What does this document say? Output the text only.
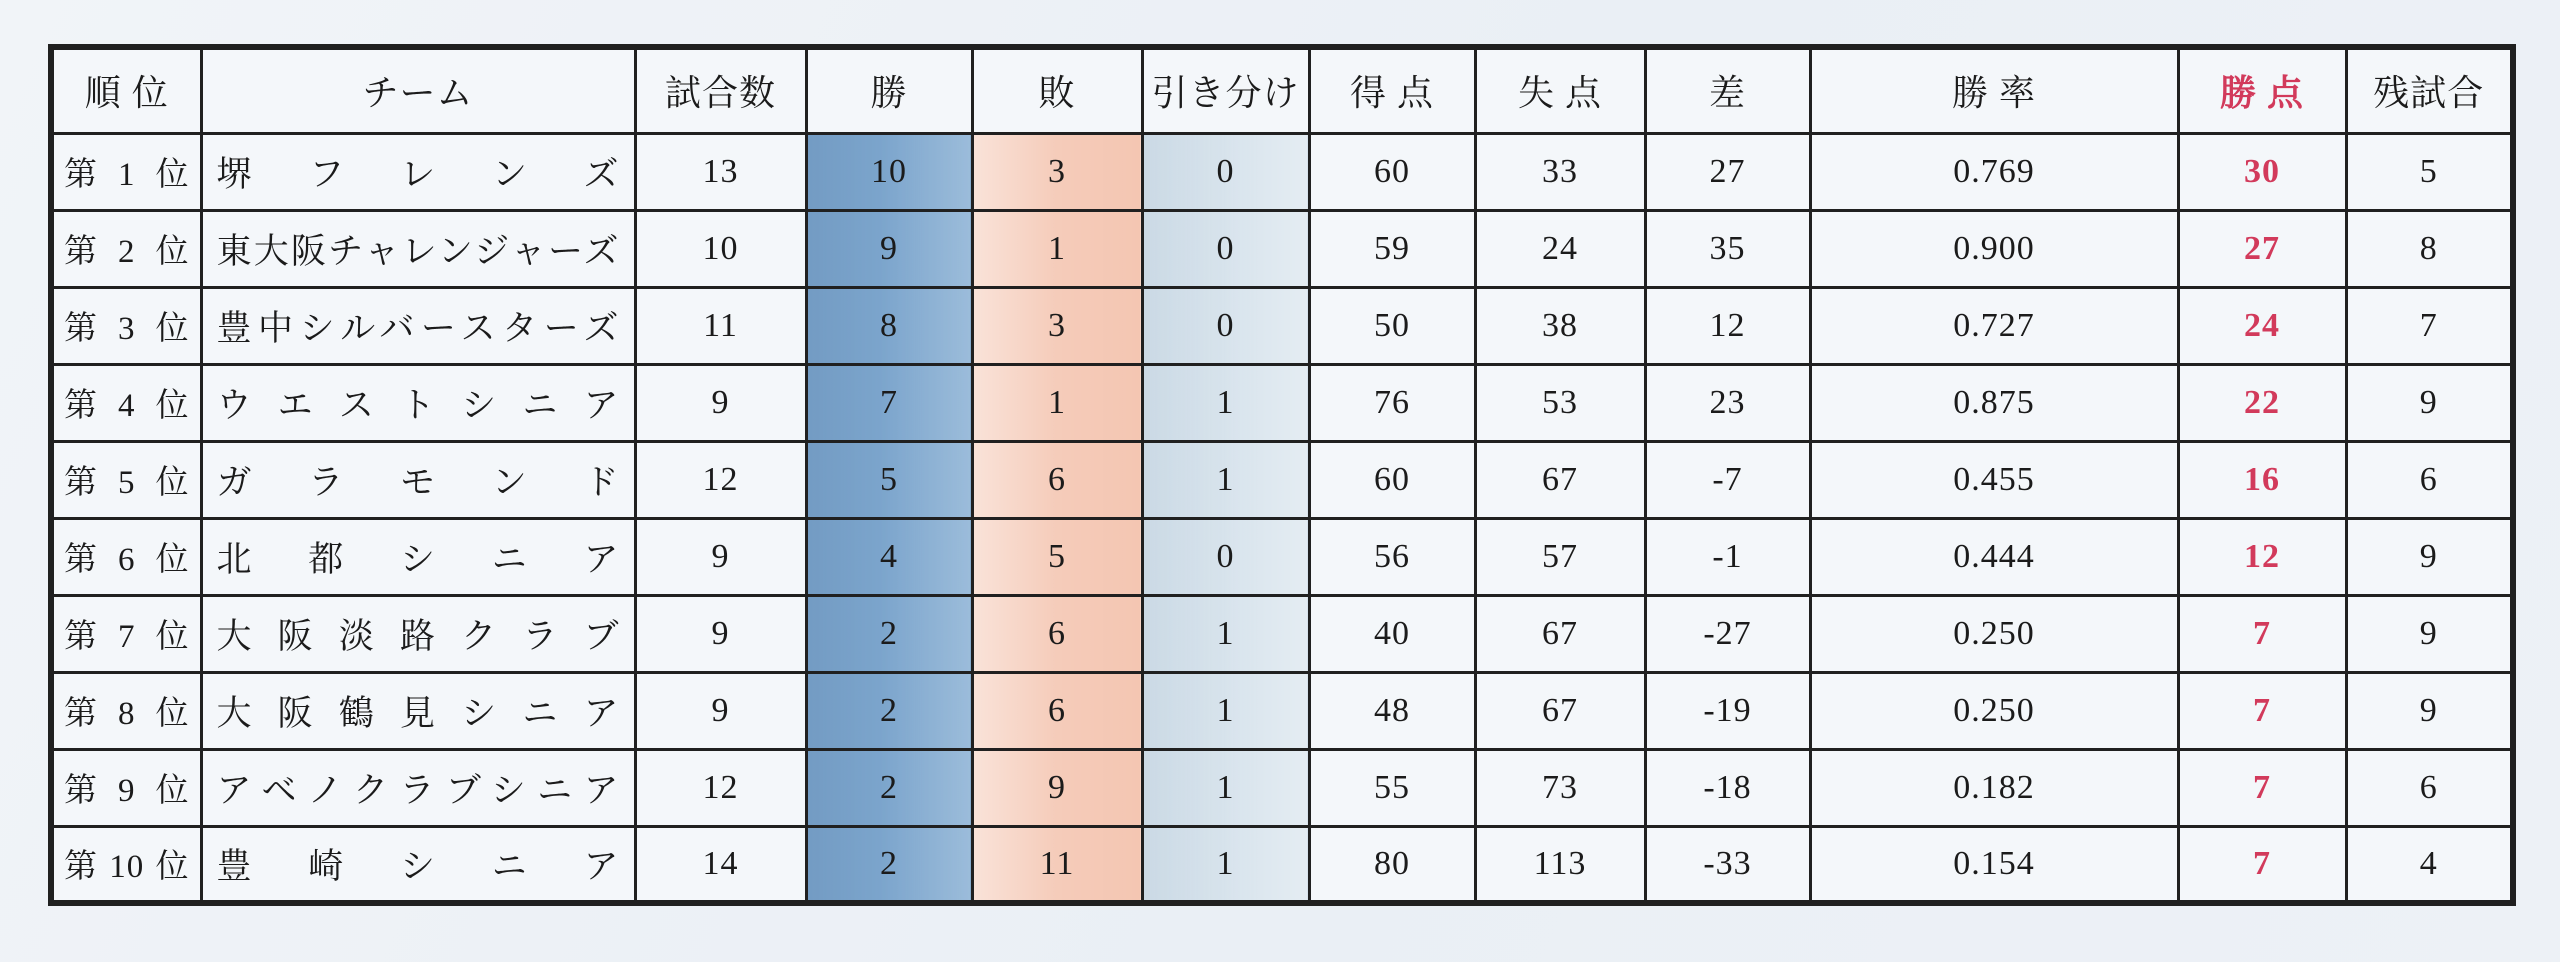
順 位	チーム	試合数	勝	敗	引き分け	得 点	失 点	差	勝 率	勝 点	残試合
第1位	堺フレンズ	13	10	3	0	60	33	27	0.769	30	5
第2位	東大阪チャレンジャーズ	10	9	1	0	59	24	35	0.900	27	8
第3位	豊中シルバースターズ	11	8	3	0	50	38	12	0.727	24	7
第4位	ウエストシニア	9	7	1	1	76	53	23	0.875	22	9
第5位	ガラモンド	12	5	6	1	60	67	-7	0.455	16	6
第6位	北都シニア	9	4	5	0	56	57	-1	0.444	12	9
第7位	大阪淡路クラブ	9	2	6	1	40	67	-27	0.250	7	9
第8位	大阪鶴見シニア	9	2	6	1	48	67	-19	0.250	7	9
第9位	アベノクラブシニア	12	2	9	1	55	73	-18	0.182	7	6
第10位	豊崎シニア	14	2	11	1	80	113	-33	0.154	7	4
